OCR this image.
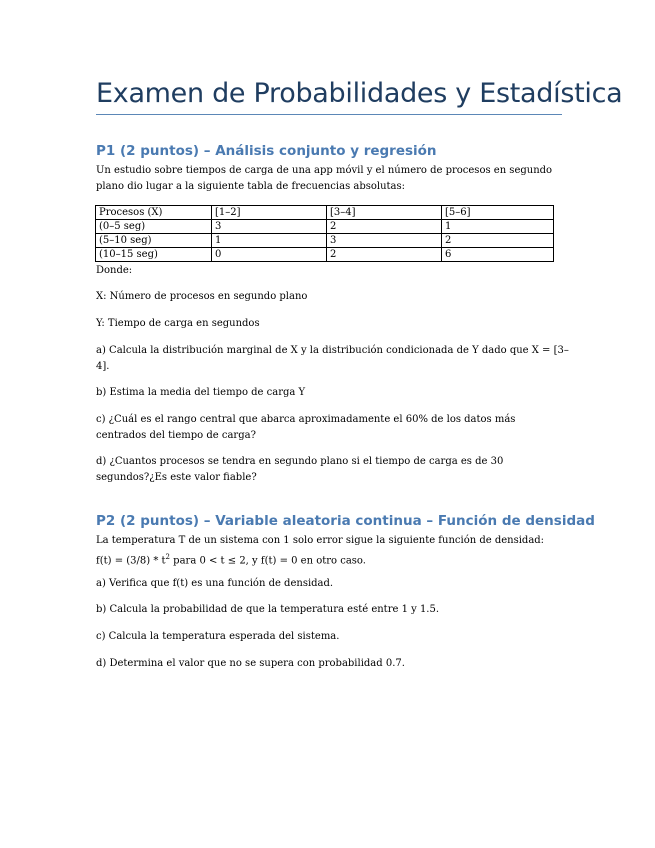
Examen de Probabilidades y Estadística
P1 (2 puntos) – Análisis conjunto y regresión
Un estudio sobre tiempos de carga de una app móvil y el número de procesos en segundo
plano dio lugar a la siguiente tabla de frecuencias absolutas:
Procesos (X)	[1–2]	[3–4]	[5–6]
(0–5 seg)	3	2	1
(5–10 seg)	1	3	2
(10–15 seg)	0	2	6
Donde:
X: Número de procesos en segundo plano
Y: Tiempo de carga en segundos
a) Calcula la distribución marginal de X y la distribución condicionada de Y dado que X = [3–
4].
b) Estima la media del tiempo de carga Y
c) ¿Cuál es el rango central que abarca aproximadamente el 60% de los datos más
centrados del tiempo de carga?
d) ¿Cuantos procesos se tendra en segundo plano si el tiempo de carga es de 30
segundos?¿Es este valor fiable?
P2 (2 puntos) – Variable aleatoria continua – Función de densidad
La temperatura T de un sistema con 1 solo error sigue la siguiente función de densidad:
$f(t) = (3/8) * t^2$ para 0 < t ≤ 2, y f(t) = 0 en otro caso.
a) Verifica que f(t) es una función de densidad.
b) Calcula la probabilidad de que la temperatura esté entre 1 y 1.5.
c) Calcula la temperatura esperada del sistema.
d) Determina el valor que no se supera con probabilidad 0.7.
